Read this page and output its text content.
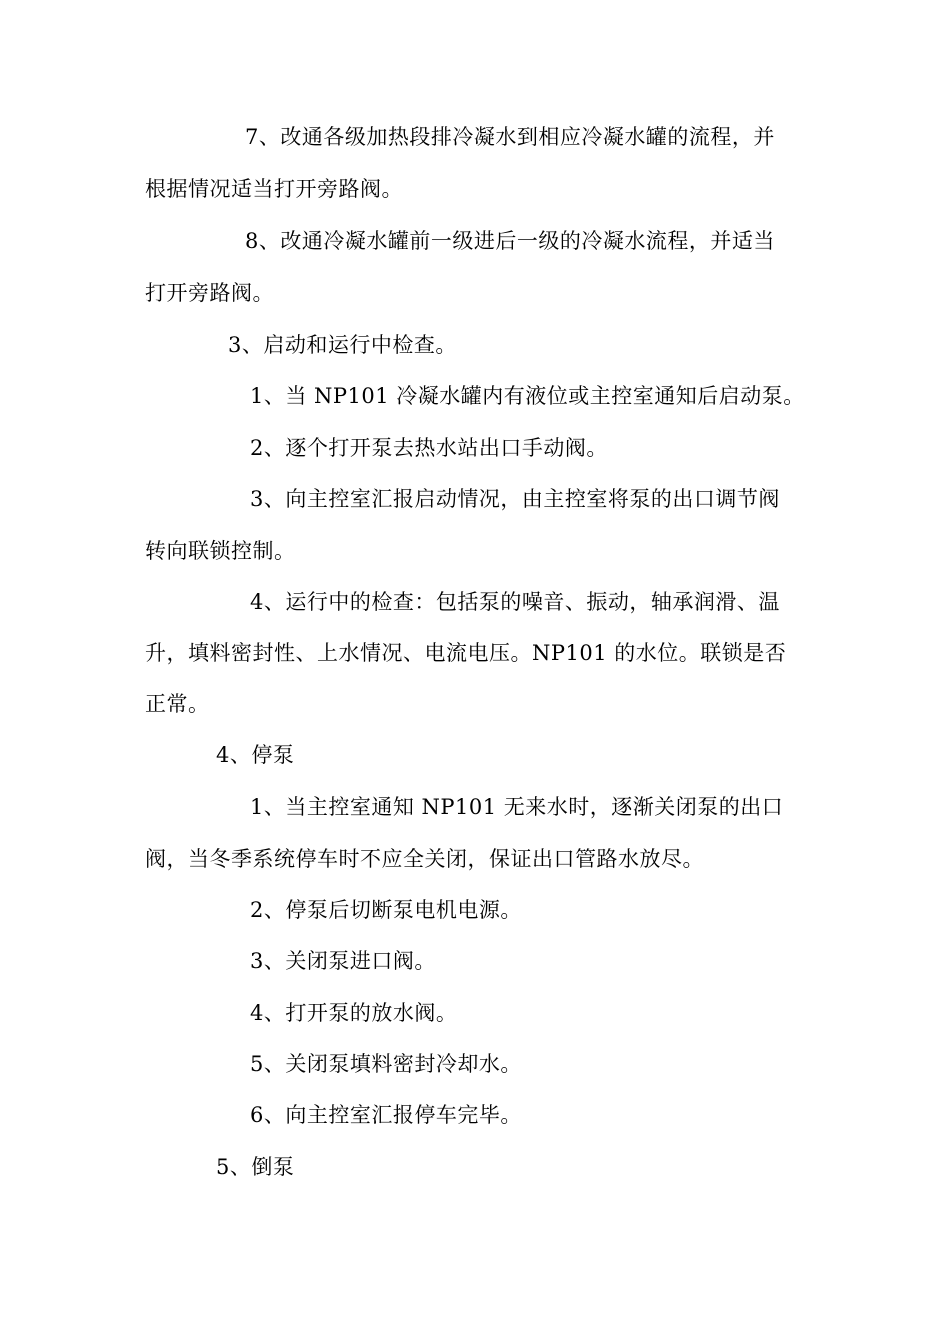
7、改通各级加热段排冷凝水到相应冷凝水罐的流程，并
根据情况适当打开旁路阀。
8、改通冷凝水罐前一级进后一级的冷凝水流程，并适当
打开旁路阀。
3、启动和运行中检查。
1、当 NP101 冷凝水罐内有液位或主控室通知后启动泵。
2、逐个打开泵去热水站出口手动阀。
3、向主控室汇报启动情况，由主控室将泵的出口调节阀
转向联锁控制。
4、运行中的检查：包括泵的噪音、振动，轴承润滑、温
升，填料密封性、上水情况、电流电压。NP101 的水位。联锁是否
正常。
4、停泵
1、当主控室通知 NP101 无来水时，逐渐关闭泵的出口
阀，当冬季系统停车时不应全关闭，保证出口管路水放尽。
2、停泵后切断泵电机电源。
3、关闭泵进口阀。
4、打开泵的放水阀。
5、关闭泵填料密封冷却水。
6、向主控室汇报停车完毕。
5、倒泵
